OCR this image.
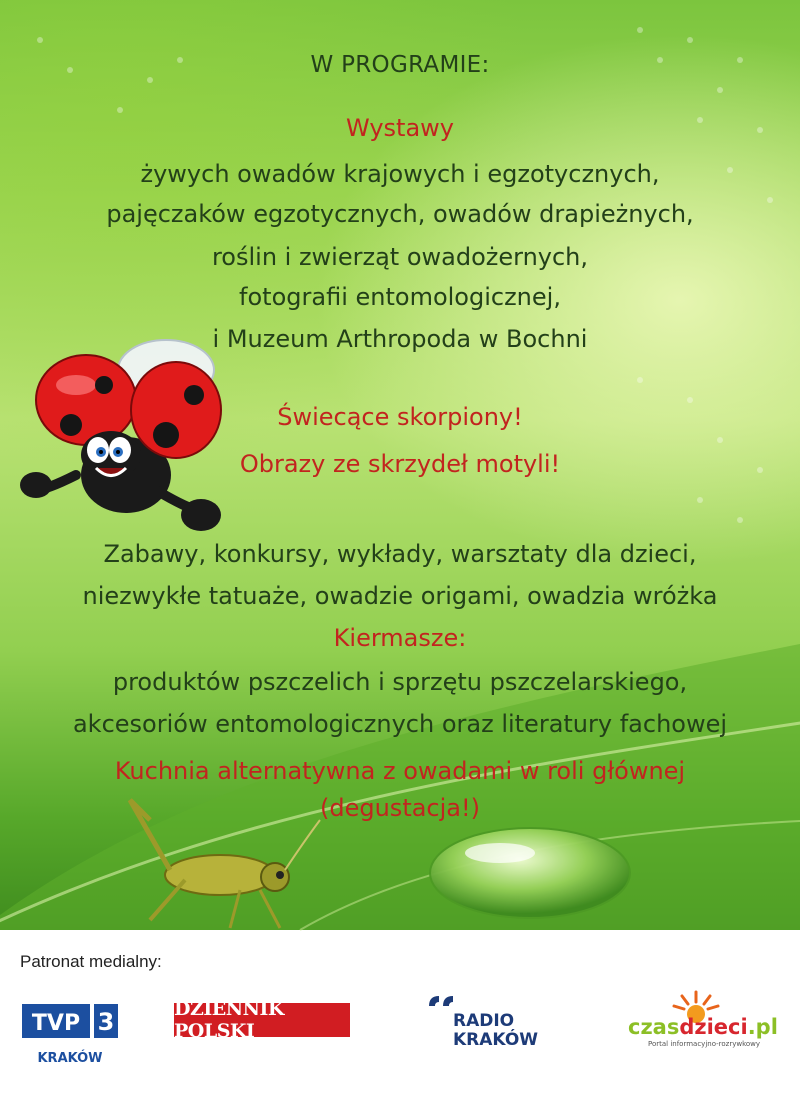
W PROGRAMIE:
Wystawy
żywych owadów krajowych i egzotycznych,
pajęczaków egzotycznych, owadów drapieżnych,
roślin i zwierząt owadożernych,
fotografii entomologicznej,
i Muzeum Arthropoda w Bochni
Świecące skorpiony!
Obrazy ze skrzydeł motyli!
Zabawy, konkursy, wykłady, warsztaty dla dzieci,
niezwykłe tatuaże, owadzie origami, owadzia wróżka
Kiermasze:
produktów pszczelich i sprzętu pszczelarskiego,
akcesoriów entomologicznych oraz literatury fachowej
Kuchnia alternatywna z owadami w roli głównej
(degustacja!)
Patronat medialny:
TVP 3
KRAKÓW
DZIENNIK POLSKI	RADIO
KRAKÓW
czasdzieci.pl
Portal informacyjno-rozrywkowy
